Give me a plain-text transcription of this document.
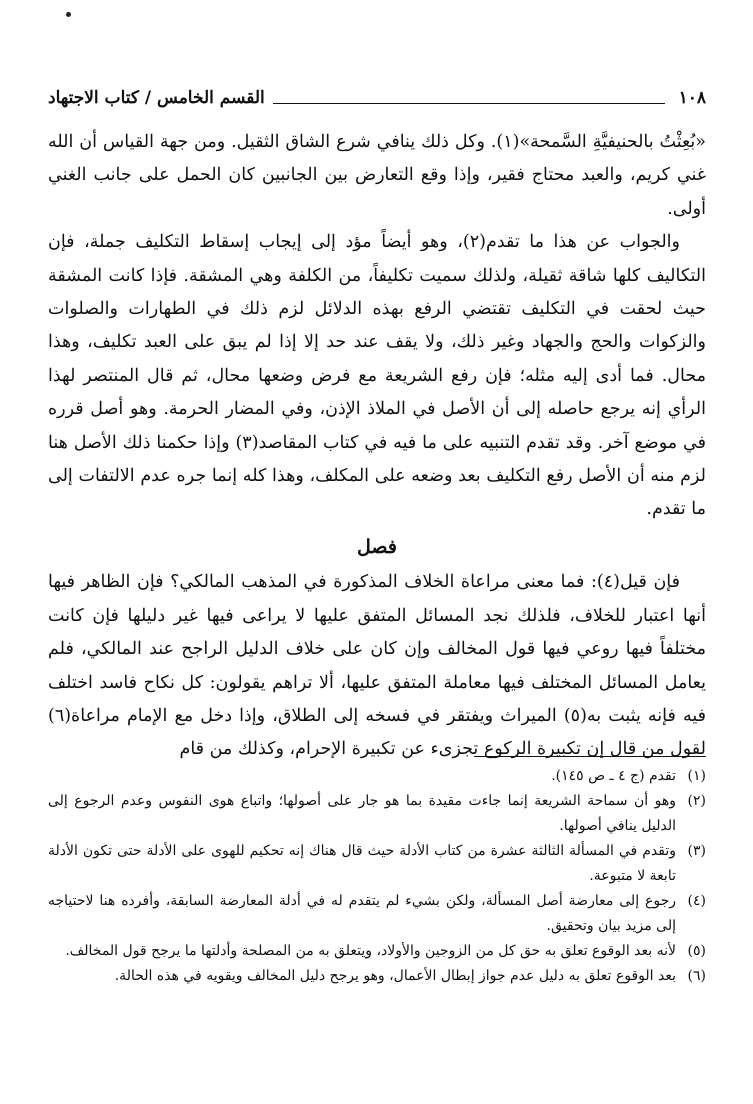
١٠٨
القسم الخامس / كتاب الاجتهاد

«بُعِثْتُ بالحنيفيَّةِ السَّمحة»(١). وكل ذلك ينافي شرع الشاق الثقيل. ومن جهة القياس أن الله غني كريم، والعبد محتاج فقير، وإذا وقع التعارض بين الجانبين كان الحمل على جانب الغني أولى.

والجواب عن هذا ما تقدم(٢)، وهو أيضاً مؤد إلى إيجاب إسقاط التكليف جملة، فإن التكاليف كلها شاقة ثقيلة، ولذلك سميت تكليفاً، من الكلفة وهي المشقة. فإذا كانت المشقة حيث لحقت في التكليف تقتضي الرفع بهذه الدلائل لزم ذلك في الطهارات والصلوات والزكوات والحج والجهاد وغير ذلك، ولا يقف عند حد إلا إذا لم يبق على العبد تكليف، وهذا محال. فما أدى إليه مثله؛ فإن رفع الشريعة مع فرض وضعها محال، ثم قال المنتصر لهذا الرأي إنه يرجع حاصله إلى أن الأصل في الملاذ الإذن، وفي المضار الحرمة. وهو أصل قرره في موضع آخر. وقد تقدم التنبيه على ما فيه في كتاب المقاصد(٣) وإذا حكمنا ذلك الأصل هنا لزم منه أن الأصل رفع التكليف بعد وضعه على المكلف، وهذا كله إنما جره عدم الالتفات إلى ما تقدم.

فصل

فإن قيل(٤): فما معنى مراعاة الخلاف المذكورة في المذهب المالكي؟ فإن الظاهر فيها أنها اعتبار للخلاف، فلذلك نجد المسائل المتفق عليها لا يراعى فيها غير دليلها فإن كانت مختلفاً فيها روعي فيها قول المخالف وإن كان على خلاف الدليل الراجح عند المالكي، فلم يعامل المسائل المختلف فيها معاملة المتفق عليها، ألا تراهم يقولون: كل نكاح فاسد اختلف فيه فإنه يثبت به(٥) الميراث ويفتقر في فسخه إلى الطلاق، وإذا دخل مع الإمام مراعاة(٦) لقول من قال إن تكبيرة الركوع تجزىء عن تكبيرة الإحرام، وكذلك من قام

(١)
تقدم (ج ٤ ـ ص ١٤٥).
(٢)
وهو أن سماحة الشريعة إنما جاءت مقيدة بما هو جار على أصولها؛ واتباع هوى النفوس وعدم الرجوع إلى الدليل ينافي أصولها.
(٣)
وتقدم في المسألة الثالثة عشرة من كتاب الأدلة حيث قال هناك إنه تحكيم للهوى على الأدلة حتى تكون الأدلة تابعة لا متبوعة.
(٤)
رجوع إلى معارضة أصل المسألة، ولكن بشيء لم يتقدم له في أدلة المعارضة السابقة، وأفرده هنا لاحتياجه إلى مزيد بيان وتحقيق.
(٥)
لأنه بعد الوقوع تعلق به حق كل من الزوجين والأولاد، ويتعلق به من المصلحة وأدلتها ما يرجح قول المخالف.
(٦)
بعد الوقوع تعلق به دليل عدم جواز إبطال الأعمال، وهو يرجح دليل المخالف ويقويه في هذه الحالة.
